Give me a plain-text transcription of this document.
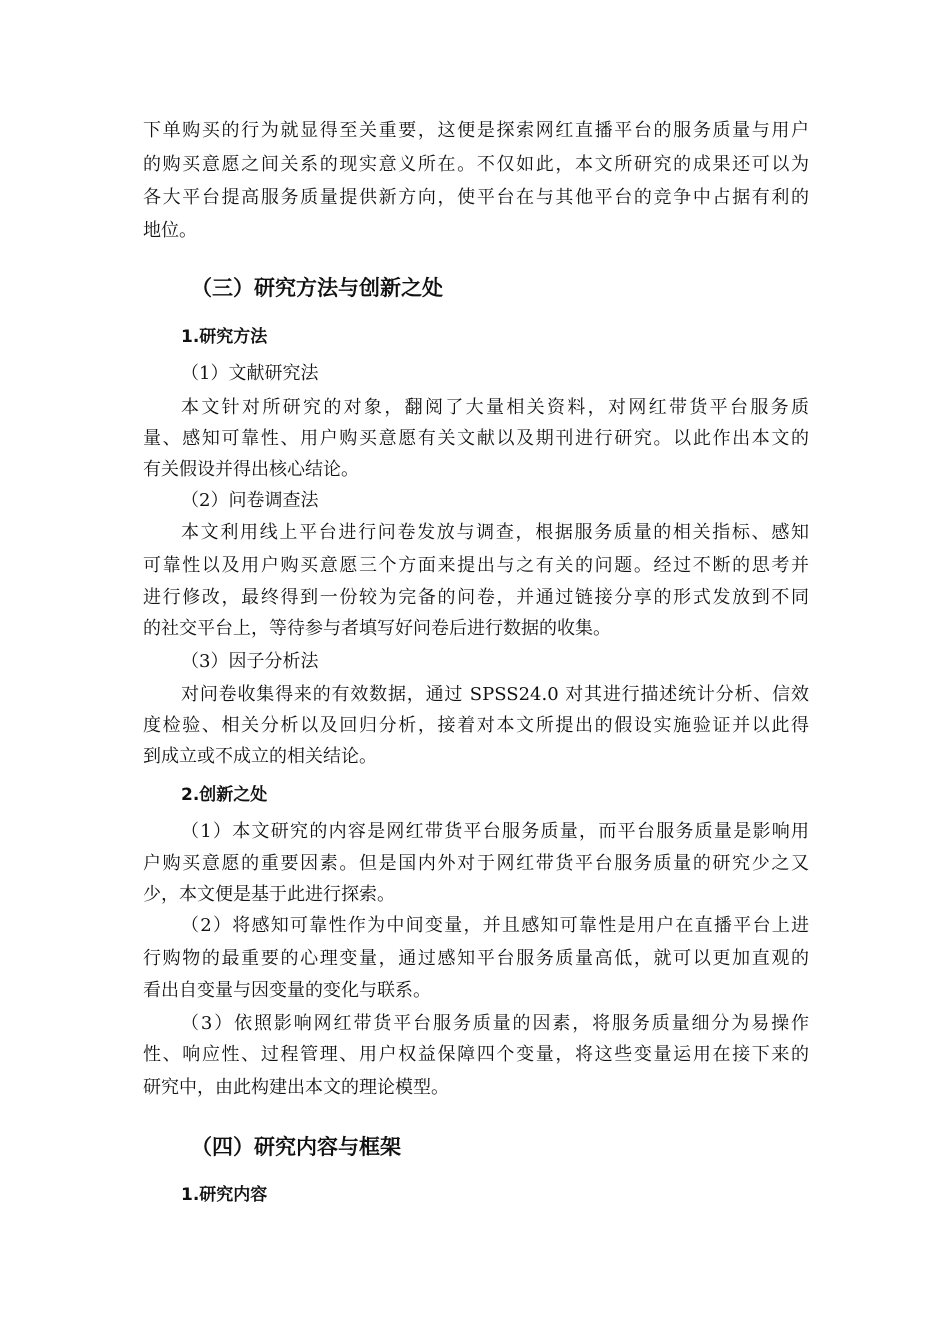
下单购买的行为就显得至关重要，这便是探索网红直播平台的服务质量与用户
的购买意愿之间关系的现实意义所在。不仅如此，本文所研究的成果还可以为
各大平台提高服务质量提供新方向，使平台在与其他平台的竞争中占据有利的
地位。
（三）研究方法与创新之处
1.研究方法
（1）文献研究法
本文针对所研究的对象，翻阅了大量相关资料，对网红带货平台服务质
量、感知可靠性、用户购买意愿有关文献以及期刊进行研究。以此作出本文的
有关假设并得出核心结论。
（2）问卷调查法
本文利用线上平台进行问卷发放与调查，根据服务质量的相关指标、感知
可靠性以及用户购买意愿三个方面来提出与之有关的问题。经过不断的思考并
进行修改，最终得到一份较为完备的问卷，并通过链接分享的形式发放到不同
的社交平台上，等待参与者填写好问卷后进行数据的收集。
（3）因子分析法
对问卷收集得来的有效数据，通过 SPSS24.0 对其进行描述统计分析、信效
度检验、相关分析以及回归分析，接着对本文所提出的假设实施验证并以此得
到成立或不成立的相关结论。
2.创新之处
（1）本文研究的内容是网红带货平台服务质量，而平台服务质量是影响用
户购买意愿的重要因素。但是国内外对于网红带货平台服务质量的研究少之又
少，本文便是基于此进行探索。
（2）将感知可靠性作为中间变量，并且感知可靠性是用户在直播平台上进
行购物的最重要的心理变量，通过感知平台服务质量高低，就可以更加直观的
看出自变量与因变量的变化与联系。
（3）依照影响网红带货平台服务质量的因素，将服务质量细分为易操作
性、响应性、过程管理、用户权益保障四个变量，将这些变量运用在接下来的
研究中，由此构建出本文的理论模型。
（四）研究内容与框架
1.研究内容
